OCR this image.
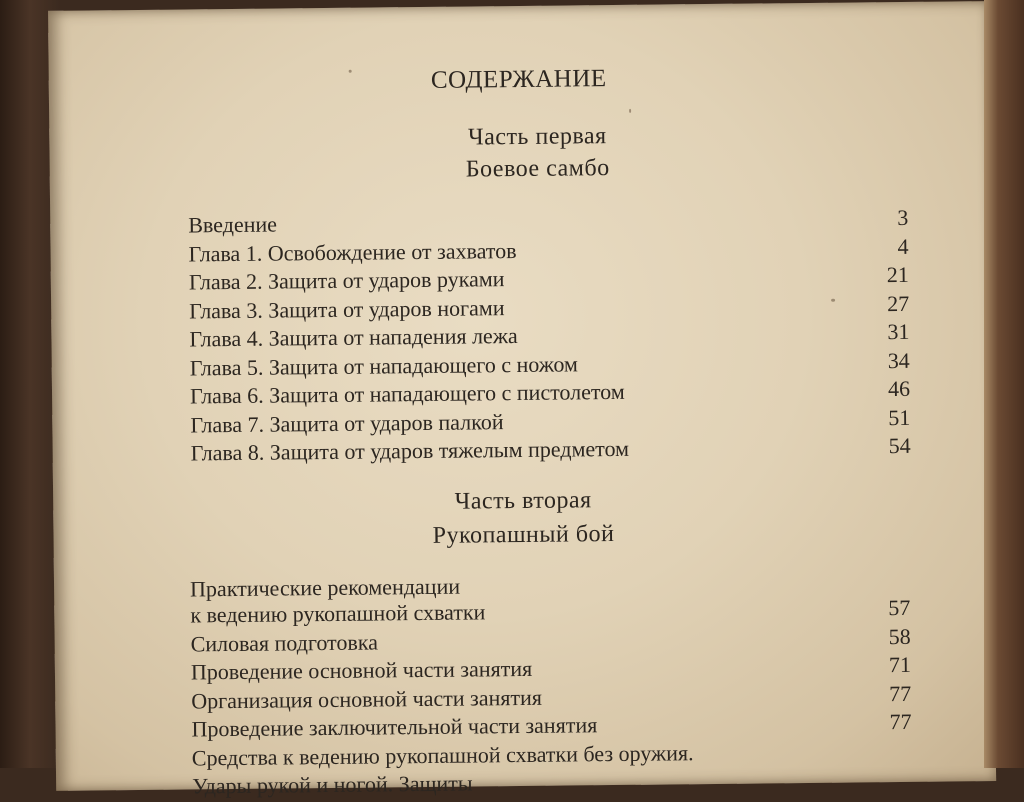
СОДЕРЖАНИЕ
Часть первая
Боевое самбо
Введение	3
Глава 1. Освобождение от захватов	4
Глава 2. Защита от ударов руками	21
Глава 3. Защита от ударов ногами	27
Глава 4. Защита от нападения лежа	31
Глава 5. Защита от нападающего с ножом	34
Глава 6. Защита от нападающего с пистолетом	46
Глава 7. Защита от ударов палкой	51
Глава 8. Защита от ударов тяжелым предметом	54
Часть вторая
Рукопашный бой
Практические рекомендации
к ведению рукопашной схватки	57
Силовая подготовка	58
Проведение основной части занятия	71
Организация основной части занятия	77
Проведение заключительной части занятия	77
Средства к ведению рукопашной схватки без оружия.
Удары рукой и ногой. Защиты
